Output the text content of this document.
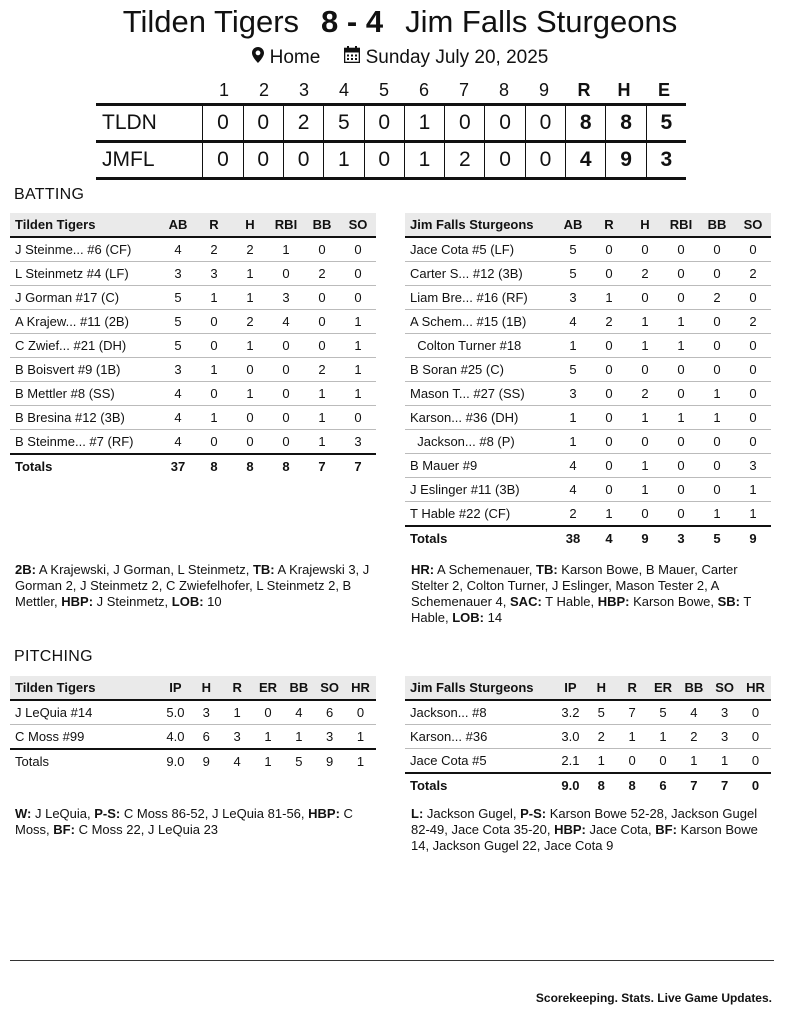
Tilden Tigers 8 - 4 Jim Falls Sturgeons
Home Sunday July 20, 2025
1	2	3	4	5	6	7	8	9	R	H	E
TLDN	0	0	2	5	0	1	0	0	0	8	8	5
JMFL	0	0	0	1	0	1	2	0	0	4	9	3
BATTING
Tilden Tigers	AB	R	H	RBI	BB	SO
J Steinme... #6 (CF)	4	2	2	1	0	0
L Steinmetz #4 (LF)	3	3	1	0	2	0
J Gorman #17 (C)	5	1	1	3	0	0
A Krajew... #11 (2B)	5	0	2	4	0	1
C Zwief... #21 (DH)	5	0	1	0	0	1
B Boisvert #9 (1B)	3	1	0	0	2	1
B Mettler #8 (SS)	4	0	1	0	1	1
B Bresina #12 (3B)	4	1	0	0	1	0
B Steinme... #7 (RF)	4	0	0	0	1	3
Totals	37	8	8	8	7	7
Jim Falls Sturgeons	AB	R	H	RBI	BB	SO
Jace Cota #5 (LF)	5	0	0	0	0	0
Carter S... #12 (3B)	5	0	2	0	0	2
Liam Bre... #16 (RF)	3	1	0	0	2	0
A Schem... #15 (1B)	4	2	1	1	0	2
Colton Turner #18	1	0	1	1	0	0
B Soran #25 (C)	5	0	0	0	0	0
Mason T... #27 (SS)	3	0	2	0	1	0
Karson... #36 (DH)	1	0	1	1	1	0
Jackson... #8 (P)	1	0	0	0	0	0
B Mauer #9	4	0	1	0	0	3
J Eslinger #11 (3B)	4	0	1	0	0	1
T Hable #22 (CF)	2	1	0	0	1	1
Totals	38	4	9	3	5	9
2B: A Krajewski, J Gorman, L Steinmetz, TB: A Krajewski 3, J Gorman 2, J Steinmetz 2, C Zwiefelhofer, L Steinmetz 2, B Mettler, HBP: J Steinmetz, LOB: 10
HR: A Schemenauer, TB: Karson Bowe, B Mauer, Carter Stelter 2, Colton Turner, J Eslinger, Mason Tester 2, A Schemenauer 4, SAC: T Hable, HBP: Karson Bowe, SB: T Hable, LOB: 14
PITCHING
Tilden Tigers	IP	H	R	ER	BB	SO	HR
J LeQuia #14	5.0	3	1	0	4	6	0
C Moss #99	4.0	6	3	1	1	3	1
Totals	9.0	9	4	1	5	9	1
Jim Falls Sturgeons	IP	H	R	ER	BB	SO	HR
Jackson... #8	3.2	5	7	5	4	3	0
Karson... #36	3.0	2	1	1	2	3	0
Jace Cota #5	2.1	1	0	0	1	1	0
Totals	9.0	8	8	6	7	7	0
W: J LeQuia, P-S: C Moss 86-52, J LeQuia 81-56, HBP: C Moss, BF: C Moss 22, J LeQuia 23
L: Jackson Gugel, P-S: Karson Bowe 52-28, Jackson Gugel 82-49, Jace Cota 35-20, HBP: Jace Cota, BF: Karson Bowe 14, Jackson Gugel 22, Jace Cota 9
Scorekeeping. Stats. Live Game Updates.
